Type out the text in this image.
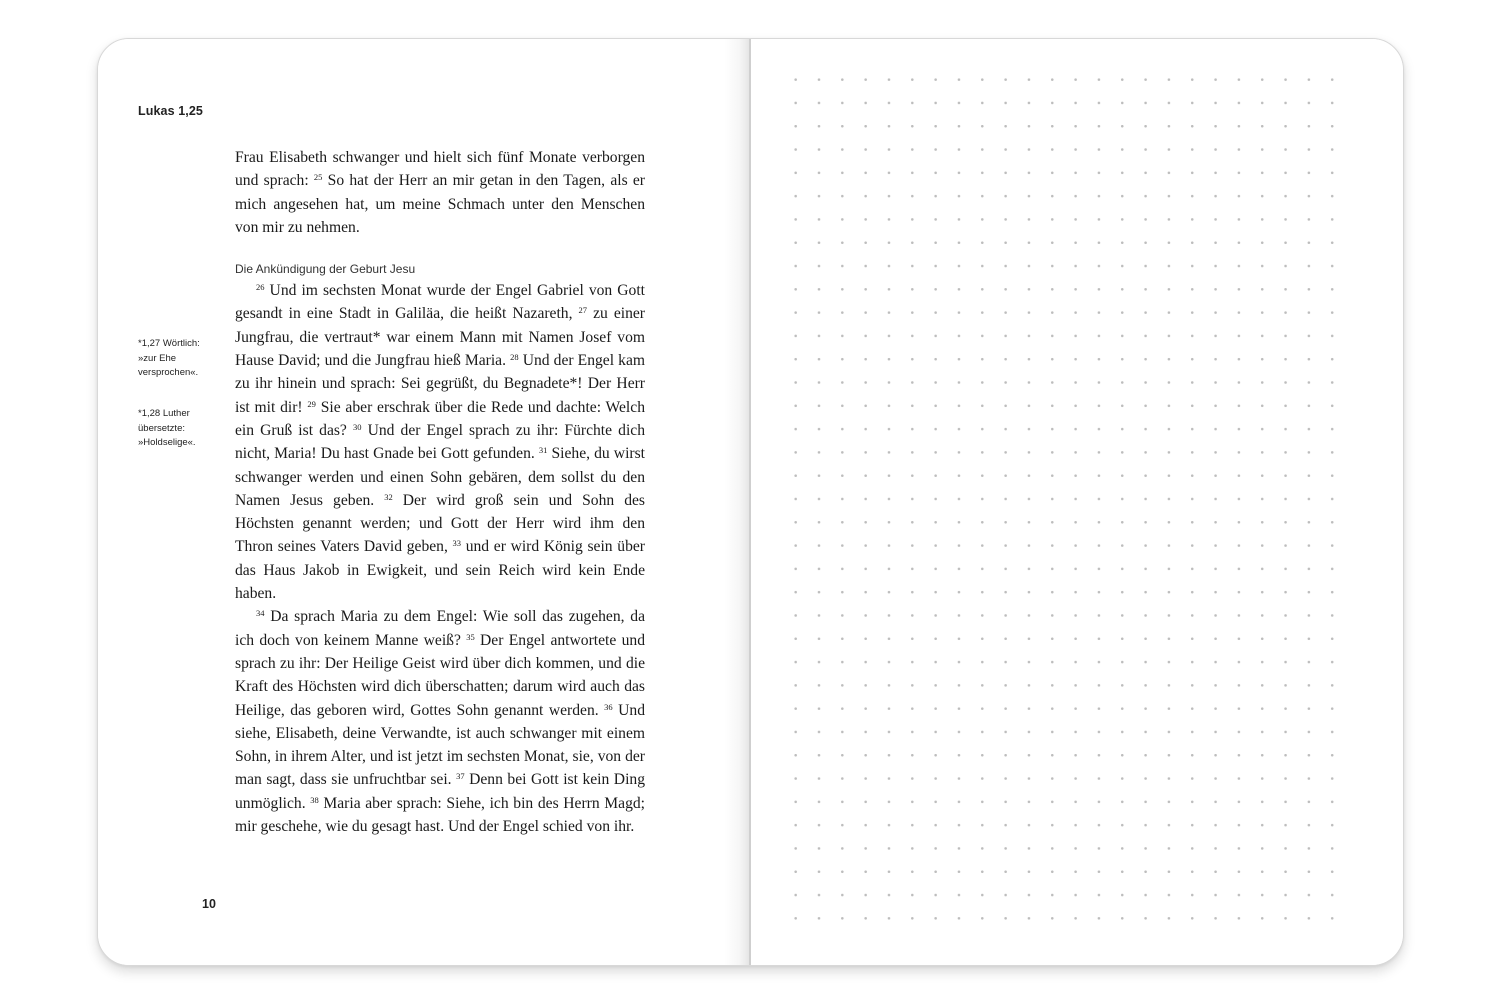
Lukas 1,25
*1,27 Wörtlich: »zur Ehe versprochen«.
*1,28 Luther übersetzte: »Holdselige«.

Frau Elisabeth schwanger und hielt sich fünf Monate verborgen und sprach: $^{25}$ So hat der Herr an mir getan in den Tagen, als er mich angesehen hat, um meine Schmach unter den Menschen von mir zu nehmen.

Die Ankündigung der Geburt Jesu

$^{26}$ Und im sechsten Monat wurde der Engel Gabriel von Gott gesandt in eine Stadt in Galiläa, die heißt Nazareth, $^{27}$ zu einer Jungfrau, die vertraut* war einem Mann mit Namen Josef vom Hause David; und die Jungfrau hieß Maria. $^{28}$ Und der Engel kam zu ihr hinein und sprach: Sei gegrüßt, du Begnadete*! Der Herr ist mit dir! $^{29}$ Sie aber erschrak über die Rede und dachte: Welch ein Gruß ist das? $^{30}$ Und der Engel sprach zu ihr: Fürchte dich nicht, Maria! Du hast Gnade bei Gott gefunden. $^{31}$ Siehe, du wirst schwanger werden und einen Sohn gebären, dem sollst du den Namen Jesus geben. $^{32}$ Der wird groß sein und Sohn des Höchsten genannt werden; und Gott der Herr wird ihm den Thron seines Vaters David geben, $^{33}$ und er wird König sein über das Haus Jakob in Ewigkeit, und sein Reich wird kein Ende haben.

$^{34}$ Da sprach Maria zu dem Engel: Wie soll das zugehen, da ich doch von keinem Manne weiß? $^{35}$ Der Engel antwortete und sprach zu ihr: Der Heilige Geist wird über dich kommen, und die Kraft des Höchsten wird dich überschatten; darum wird auch das Heilige, das geboren wird, Gottes Sohn genannt werden. $^{36}$ Und siehe, Elisabeth, deine Verwandte, ist auch schwanger mit einem Sohn, in ihrem Alter, und ist jetzt im sechsten Monat, sie, von der man sagt, dass sie unfruchtbar sei. $^{37}$ Denn bei Gott ist kein Ding unmöglich. $^{38}$ Maria aber sprach: Siehe, ich bin des Herrn Magd; mir geschehe, wie du gesagt hast. Und der Engel schied von ihr.

10
